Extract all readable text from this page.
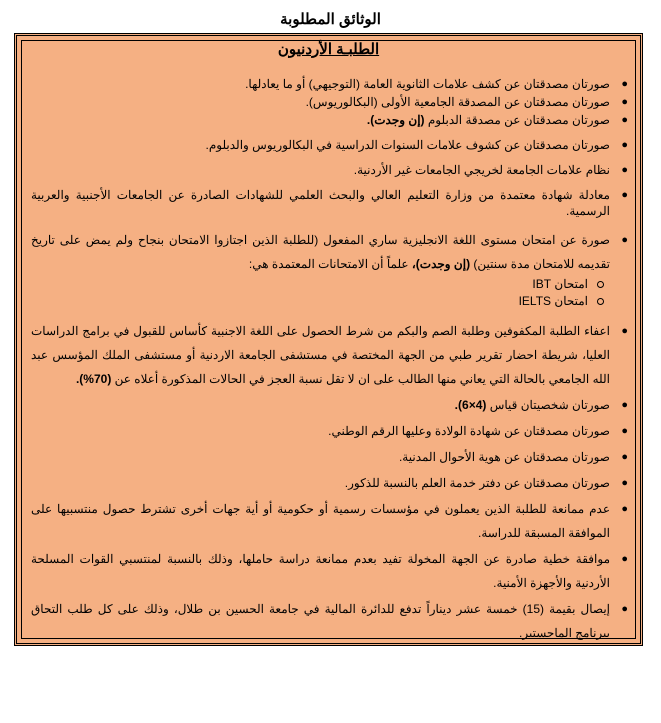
الوثائق المطلوبة
الطلبـة الأردنيون
●
صورتان مصدقتان عن كشف علامات الثانوية العامة (التوجيهي) أو ما يعادلها.
●
صورتان مصدقتان عن المصدقة الجامعية الأولى (البكالوريوس).
●
صورتان مصدقتان عن مصدقة الدبلوم (إن وجدت).
●
صورتان مصدقتان عن كشوف علامات السنوات الدراسية في البكالوريوس والدبلوم.
●
نظام علامات الجامعة لخريجي الجامعات غير الأردنية.
●
معادلة شهادة معتمدة من وزارة التعليم العالي والبحث العلمي للشهادات الصادرة عن الجامعات الأجنبية والعربية الرسمية.
●
صورة عن امتحان مستوى اللغة الانجليزية ساري المفعول (للطلبة الذين اجتازوا الامتحان بنجاح ولم يمض على تاريخ تقديمه للامتحان مدة سنتين) (إن وجدت)، علماً أن الامتحانات المعتمدة هي:
امتحان IBT
امتحان IELTS
●
اعفاء الطلبة المكفوفين وطلبة الصم والبكم من شرط الحصول على اللغة الاجنبية كأساس للقبول في برامج الدراسات العليا، شريطة احضار تقرير طبي من الجهة المختصة في مستشفى الجامعة الاردنية أو مستشفى الملك المؤسس عبد الله الجامعي بالحالة التي يعاني منها الطالب على ان لا تقل نسبة العجز في الحالات المذكورة أعلاه عن (70%).
●
صورتان شخصيتان قياس (4×6).
●
صورتان مصدقتان عن شهادة الولادة وعليها الرقم الوطني.
●
صورتان مصدقتان عن هوية الأحوال المدنية.
●
صورتان مصدقتان عن دفتر خدمة العلم بالنسبة للذكور.
●
عدم ممانعة للطلبة الذين يعملون في مؤسسات رسمية أو حكومية أو أية جهات أخرى تشترط حصول منتسبيها على الموافقة المسبقة للدراسة.
●
موافقة خطية صادرة عن الجهة المخولة تفيد بعدم ممانعة دراسة حاملها، وذلك بالنسبة لمنتسبي القوات المسلحة الأردنية والأجهزة الأمنية.
●
إيصال بقيمة (15) خمسة عشر ديناراً تدفع للدائرة المالية في جامعة الحسين بن طلال، وذلك على كل طلب التحاق ببرنامج الماجستير.
